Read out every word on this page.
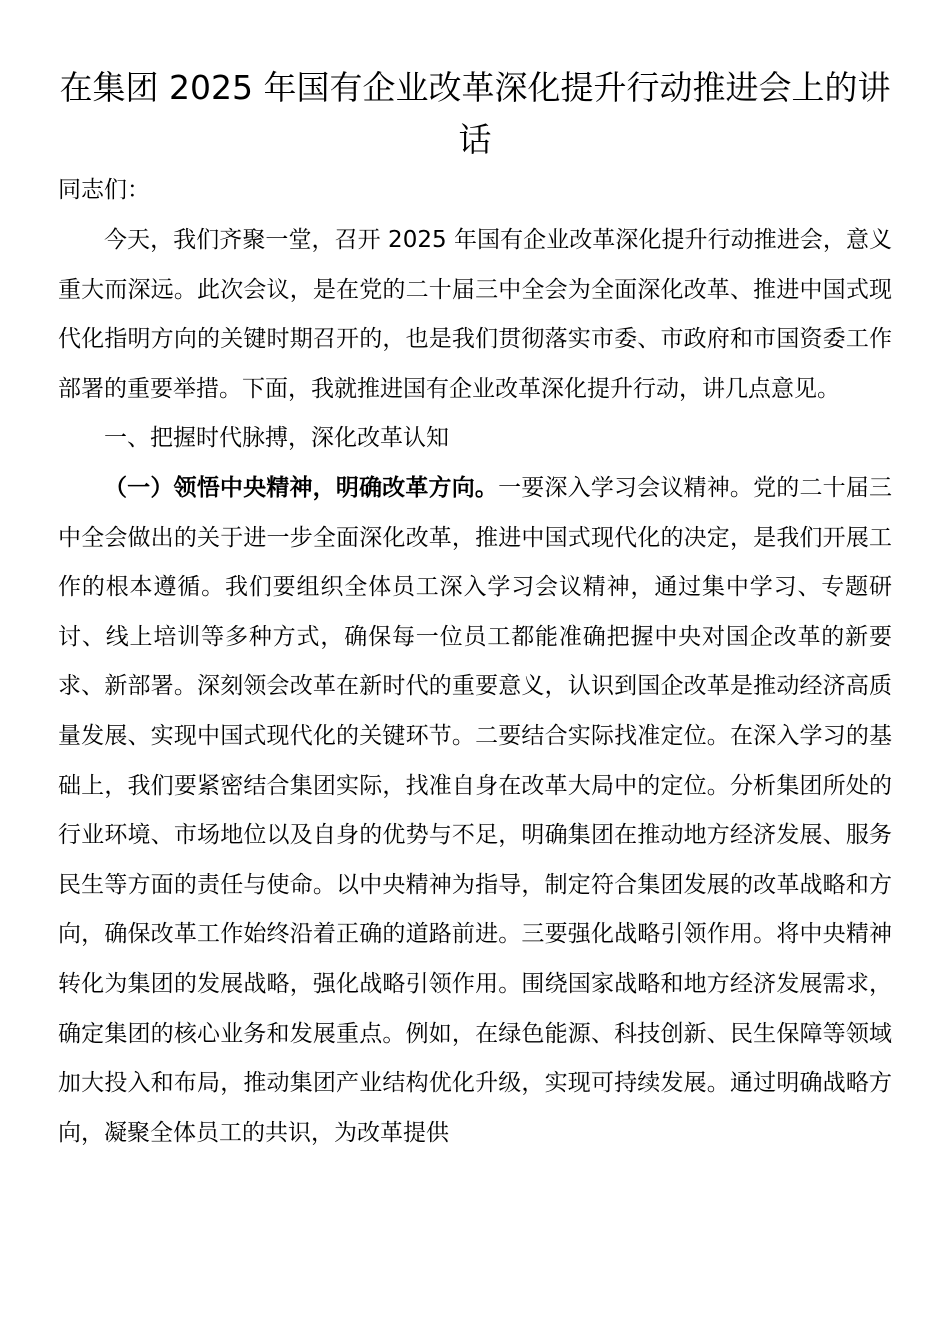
在集团 2025 年国有企业改革深化提升行动推进会上的讲话

同志们：

今天，我们齐聚一堂，召开 2025 年国有企业改革深化提升行动推进会，意义重大而深远。此次会议，是在党的二十届三中全会为全面深化改革、推进中国式现代化指明方向的关键时期召开的，也是我们贯彻落实市委、市政府和市国资委工作部署的重要举措。下面，我就推进国有企业改革深化提升行动，讲几点意见。

一、把握时代脉搏，深化改革认知

（一）领悟中央精神，明确改革方向。一要深入学习会议精神。党的二十届三中全会做出的关于进一步全面深化改革，推进中国式现代化的决定，是我们开展工作的根本遵循。我们要组织全体员工深入学习会议精神，通过集中学习、专题研讨、线上培训等多种方式，确保每一位员工都能准确把握中央对国企改革的新要求、新部署。深刻领会改革在新时代的重要意义，认识到国企改革是推动经济高质量发展、实现中国式现代化的关键环节。二要结合实际找准定位。在深入学习的基础上，我们要紧密结合集团实际，找准自身在改革大局中的定位。分析集团所处的行业环境、市场地位以及自身的优势与不足，明确集团在推动地方经济发展、服务民生等方面的责任与使命。以中央精神为指导，制定符合集团发展的改革战略和方向，确保改革工作始终沿着正确的道路前进。三要强化战略引领作用。将中央精神转化为集团的发展战略，强化战略引领作用。围绕国家战略和地方经济发展需求，确定集团的核心业务和发展重点。例如，在绿色能源、科技创新、民生保障等领域加大投入和布局，推动集团产业结构优化升级，实现可持续发展。通过明确战略方向，凝聚全体员工的共识，为改革提供
